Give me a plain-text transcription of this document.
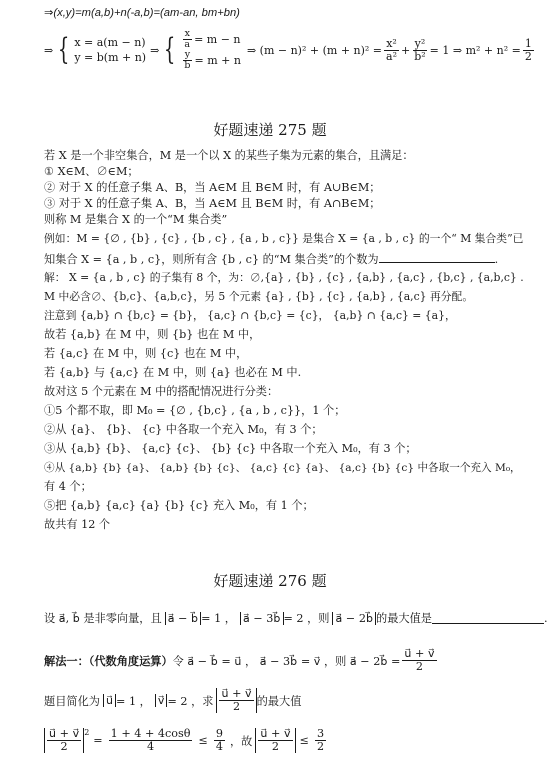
⇒(x,y)=m(a,b)+n(-a,b)=(am-an, bm+bn)
⇒ { x = a(m − n)
y = b(m + n)
⇒ { $\frac{x}{a} = m - n$
$\frac{y}{b} = m + n$
⇒ $(m - n)^2 + (m + n)^2 = \frac{\text{x²}}{\text{a²}} + \frac{\text{y²}}{\text{b²}} = 1$ ⇒ $m^2 + n^2 = \frac{1}{2}$
好题速递 275 题
若 X 是一个非空集合，M 是一个以 X 的某些子集为元素的集合，且满足：
① X∈M、∅∈M；
② 对于 X 的任意子集 A、B，当 A∈M 且 B∈M 时，有 A∪B∈M；
③ 对于 X 的任意子集 A、B，当 A∈M 且 B∈M 时，有 A∩B∈M；
则称 M 是集合 X 的一个“M 集合类”
例如：M = {∅ , {b} , {c} , {b , c} , {a , b , c}} 是集合 X = {a , b , c} 的一个“ M 集合类”已
知集合 X = {a , b , c}，则所有含 {b , c} 的“M 集合类”的个数为	.
解： X = {a , b , c} 的子集有 8 个，为：∅,{a} , {b} , {c} , {a,b} , {a,c} , {b,c} , {a,b,c} .
M 中必含∅、{b,c}、{a,b,c}，另 5 个元素 {a} , {b} , {c} , {a,b} , {a,c} 再分配。
注意到 {a,b} ∩ {b,c} = {b}， {a,c} ∩ {b,c} = {c}， {a,b} ∩ {a,c} = {a}，
故若 {a,b} 在 M 中，则 {b} 也在 M 中，
若 {a,c} 在 M 中，则 {c} 也在 M 中，
若 {a,b} 与 {a,c} 在 M 中，则 {a} 也必在 M 中.
故对这 5 个元素在 M 中的搭配情况进行分类：
①5 个都不取，即 M₀ = {∅ , {b,c} , {a , b , c}}，1 个；
②从 {a}、 {b}、 {c} 中各取一个充入 M₀，有 3 个；
③从 {a,b} {b}、 {a,c} {c}、 {b} {c} 中各取一个充入 M₀，有 3 个；
④从 {a,b} {b} {a}、 {a,b} {b} {c}、 {a,c} {c} {a}、 {a,c} {b} {c} 中各取一个充入 M₀，
有 4 个；
⑤把 {a,b} {a,c} {a} {b} {c} 充入 M₀，有 1 个；
故共有 12 个
好题速递 276 题
设 a⃗, b⃗ 是非零向量，且 a⃗ − b⃗ = 1 ， a⃗ − 3b⃗ = 2 ，则 a⃗ − 2b⃗ 的最大值是	.
解法一：（代数角度运算） 令 a⃗ − b⃗ = u⃗ ， a⃗ − 3b⃗ = v⃗ ，则 a⃗ − 2b⃗ = $\frac{u⃗ + v⃗}{2}$
题目简化为 u⃗ = 1 ， v⃗ = 2 ，求 $\frac{u⃗ + v⃗}{2}$ 的最大值
$\frac{u⃗ + v⃗}{2} ^2$
= $\frac{1 + 4 + 4\cos\theta}{4} \le \frac{9}{4}$ ，故 $\frac{u⃗ + v⃗}{2} \le \frac{3}{2}$
